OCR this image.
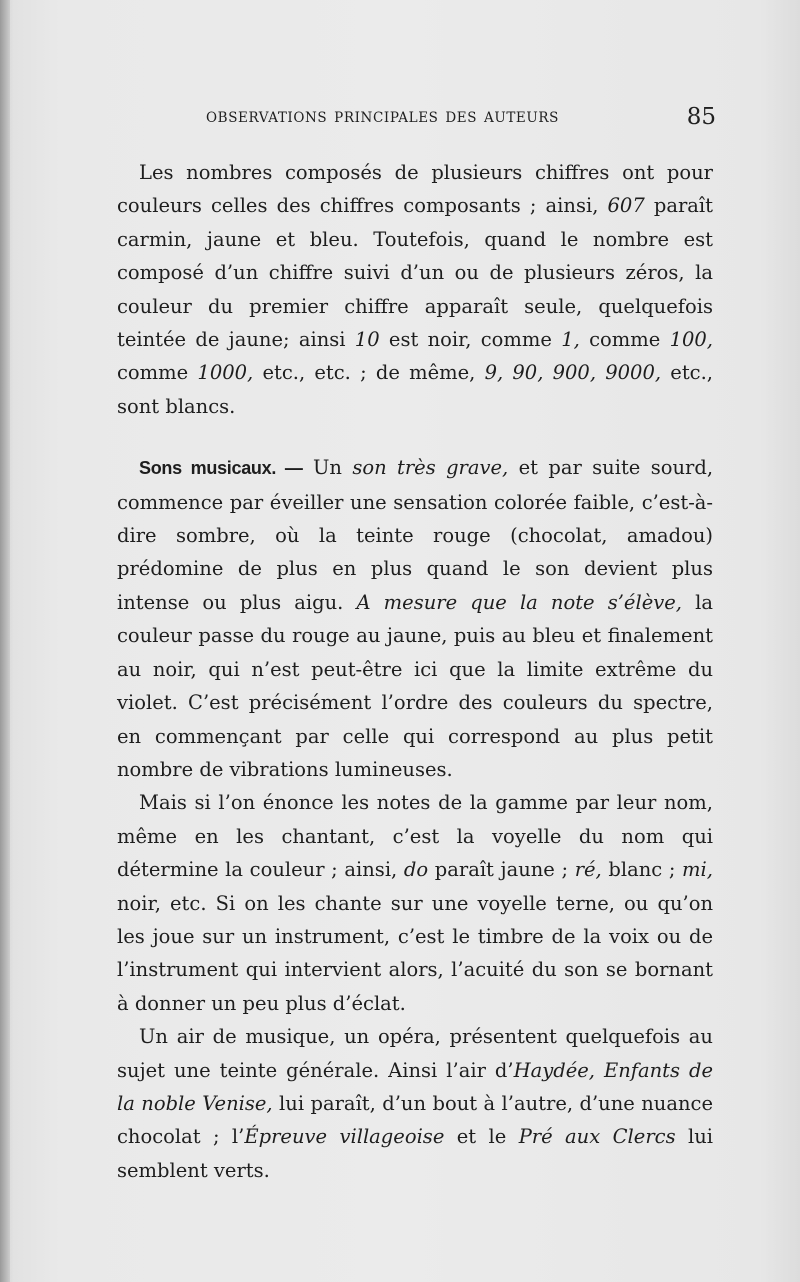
OBSERVATIONS PRINCIPALES DES AUTEURS	85

Les nombres composés de plusieurs chiffres ont pour couleurs celles des chiffres composants ; ainsi, 607 paraît carmin, jaune et bleu. Toutefois, quand le nombre est composé d’un chiffre suivi d’un ou de plusieurs zéros, la couleur du premier chiffre apparaît seule, quelquefois teintée de jaune; ainsi 10 est noir, comme 1, comme 100, comme 1000, etc., etc. ; de même, 9, 90, 900, 9000, etc., sont blancs.

Sons musicaux. — Un son très grave, et par suite sourd, commence par éveiller une sensation colorée faible, c’est-à-dire sombre, où la teinte rouge (chocolat, amadou) prédomine de plus en plus quand le son devient plus intense ou plus aigu. A mesure que la note s’élève, la couleur passe du rouge au jaune, puis au bleu et finalement au noir, qui n’est peut-être ici que la limite extrême du violet. C’est précisément l’ordre des couleurs du spectre, en commençant par celle qui correspond au plus petit nombre de vibrations lumineuses.

Mais si l’on énonce les notes de la gamme par leur nom, même en les chantant, c’est la voyelle du nom qui détermine la couleur ; ainsi, do paraît jaune ; ré, blanc ; mi, noir, etc. Si on les chante sur une voyelle terne, ou qu’on les joue sur un instrument, c’est le timbre de la voix ou de l’instrument qui intervient alors, l’acuité du son se bornant à donner un peu plus d’éclat.

Un air de musique, un opéra, présentent quelquefois au sujet une teinte générale. Ainsi l’air d’Haydée, Enfants de la noble Venise, lui paraît, d’un bout à l’autre, d’une nuance chocolat ; l’Épreuve villageoise et le Pré aux Clercs lui semblent verts.
